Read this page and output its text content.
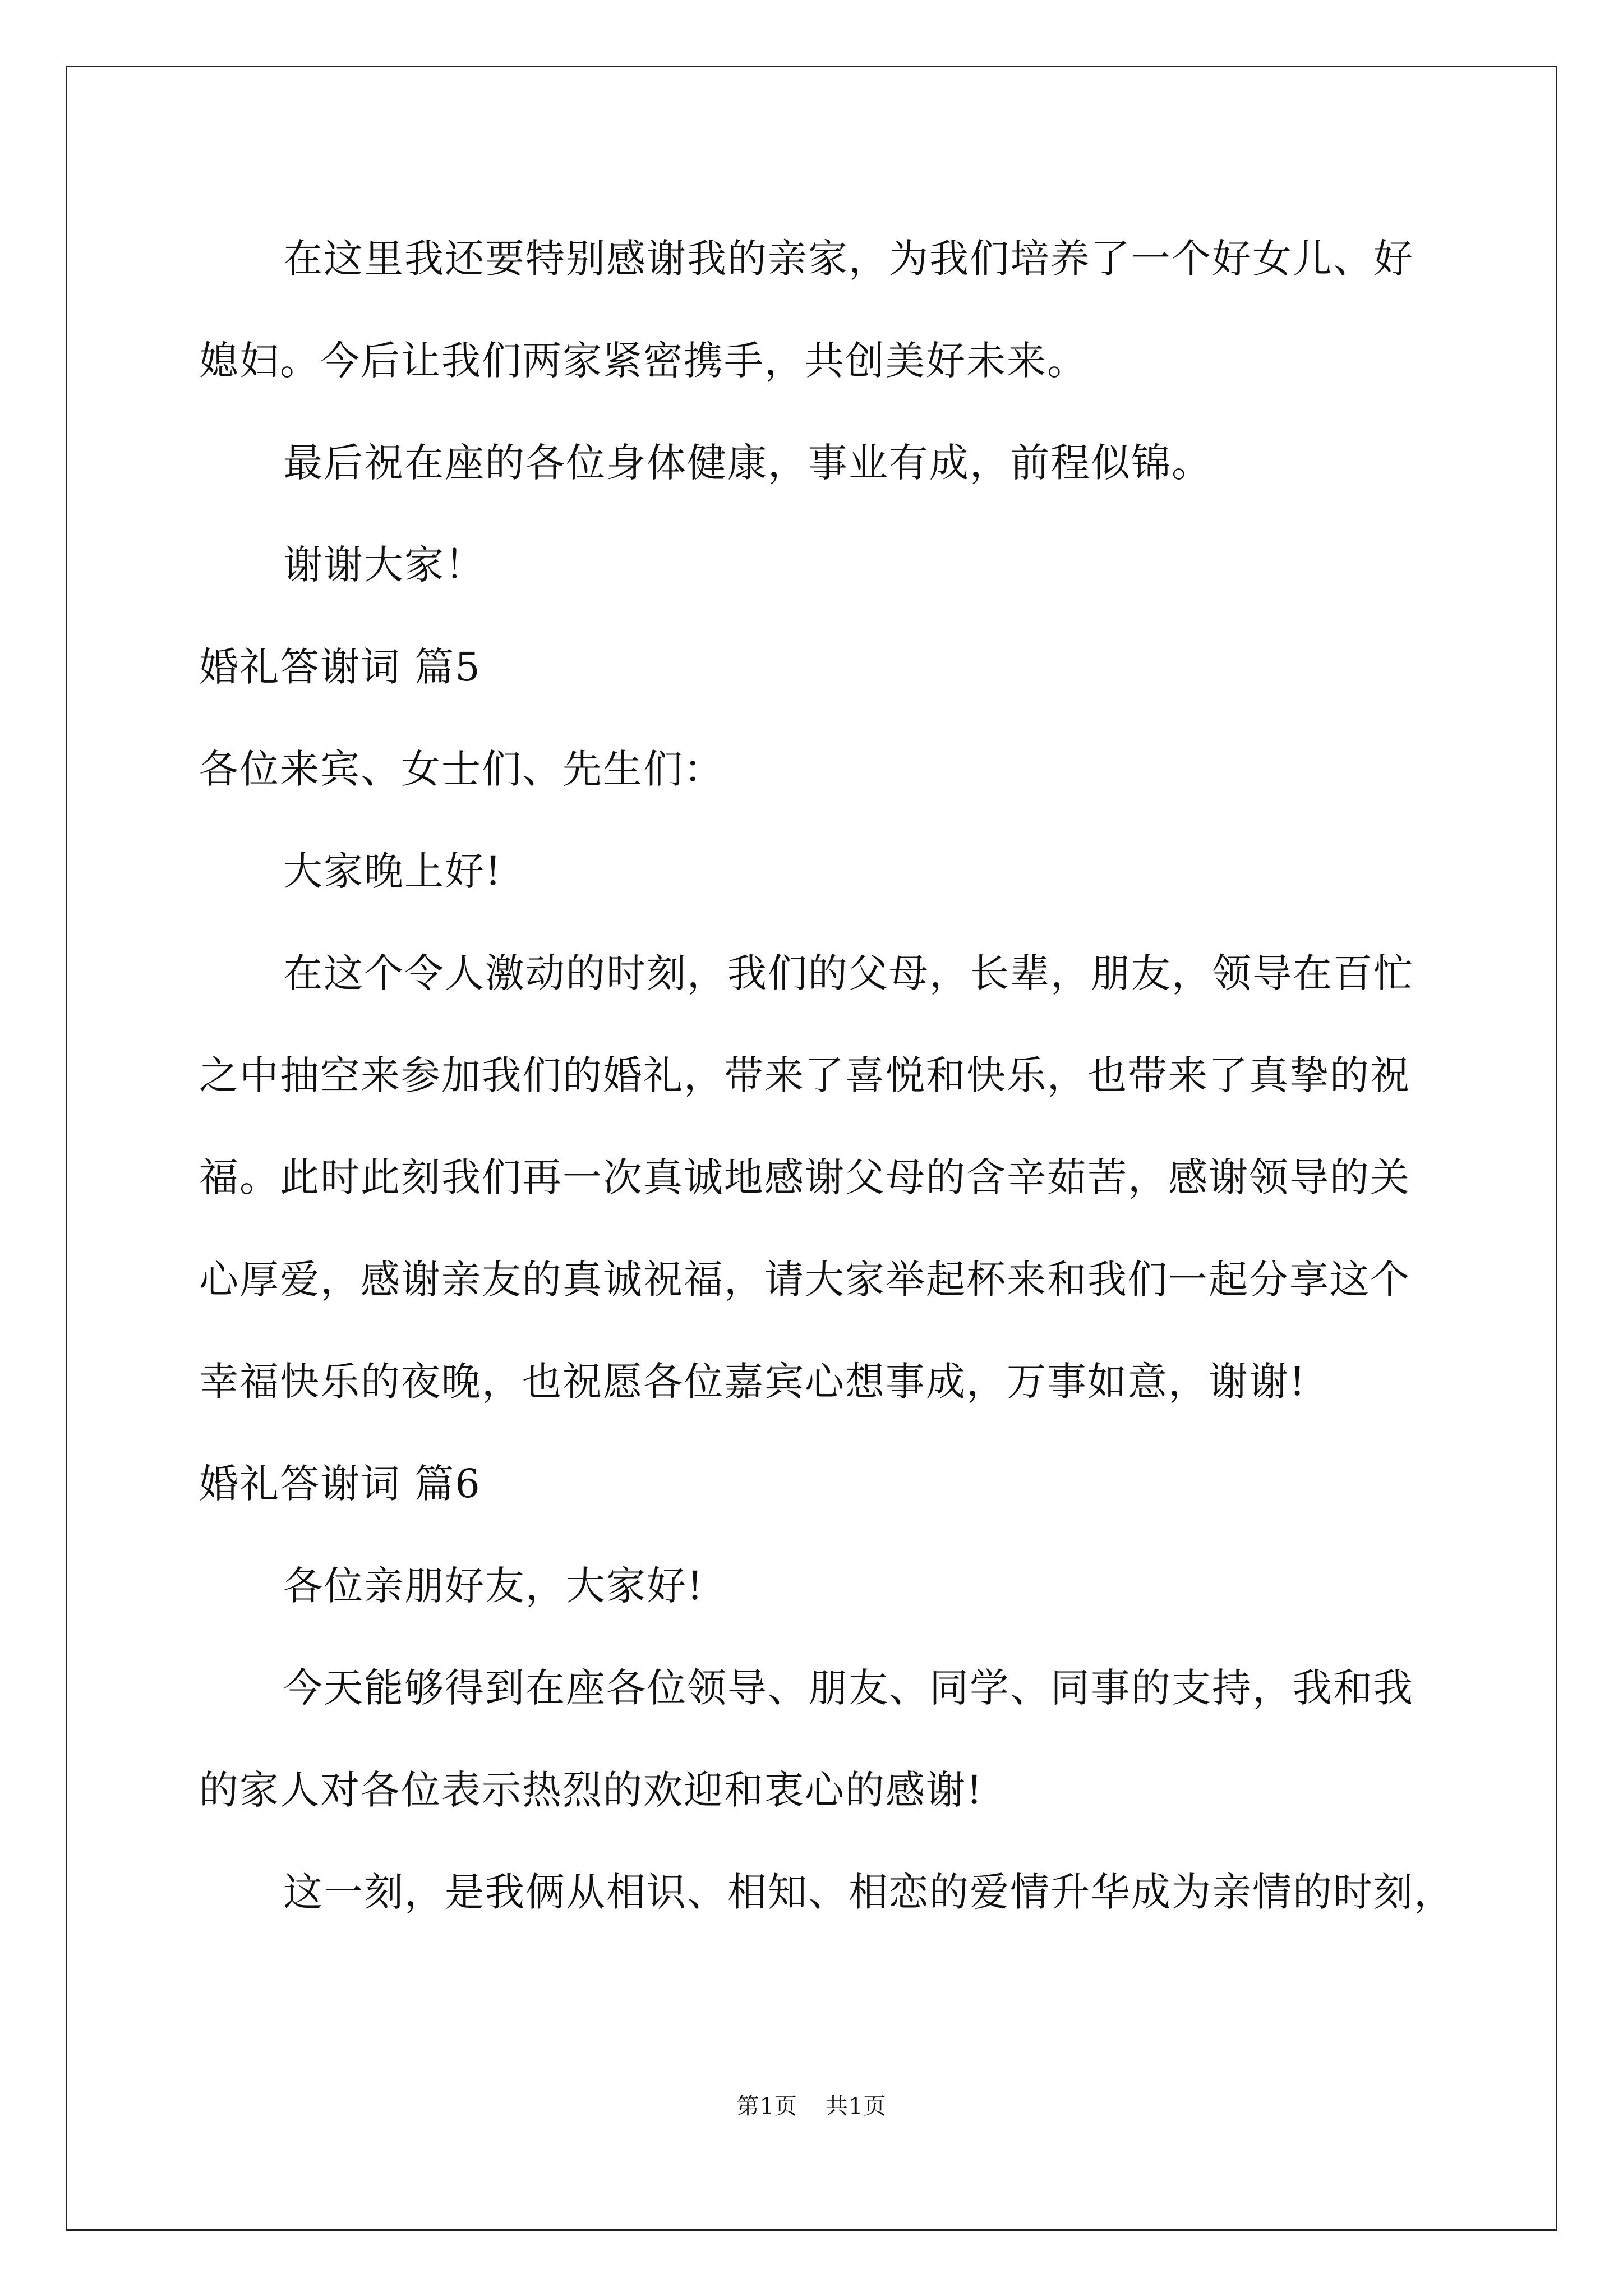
在这里我还要特别感谢我的亲家，为我们培养了一个好女儿、好
媳妇。今后让我们两家紧密携手，共创美好未来。
最后祝在座的各位身体健康，事业有成，前程似锦。
谢谢大家！
婚礼答谢词 篇5
各位来宾、女士们、先生们：
大家晚上好!
在这个令人激动的时刻，我们的父母，长辈，朋友，领导在百忙
之中抽空来参加我们的婚礼，带来了喜悦和快乐，也带来了真挚的祝
福。此时此刻我们再一次真诚地感谢父母的含辛茹苦，感谢领导的关
心厚爱，感谢亲友的真诚祝福，请大家举起杯来和我们一起分享这个
幸福快乐的夜晚，也祝愿各位嘉宾心想事成，万事如意，谢谢!
婚礼答谢词 篇6
各位亲朋好友，大家好!
今天能够得到在座各位领导、朋友、同学、同事的支持，我和我
的家人对各位表示热烈的欢迎和衷心的感谢!
这一刻，是我俩从相识、相知、相恋的爱情升华成为亲情的时刻，
第1页 共1页
